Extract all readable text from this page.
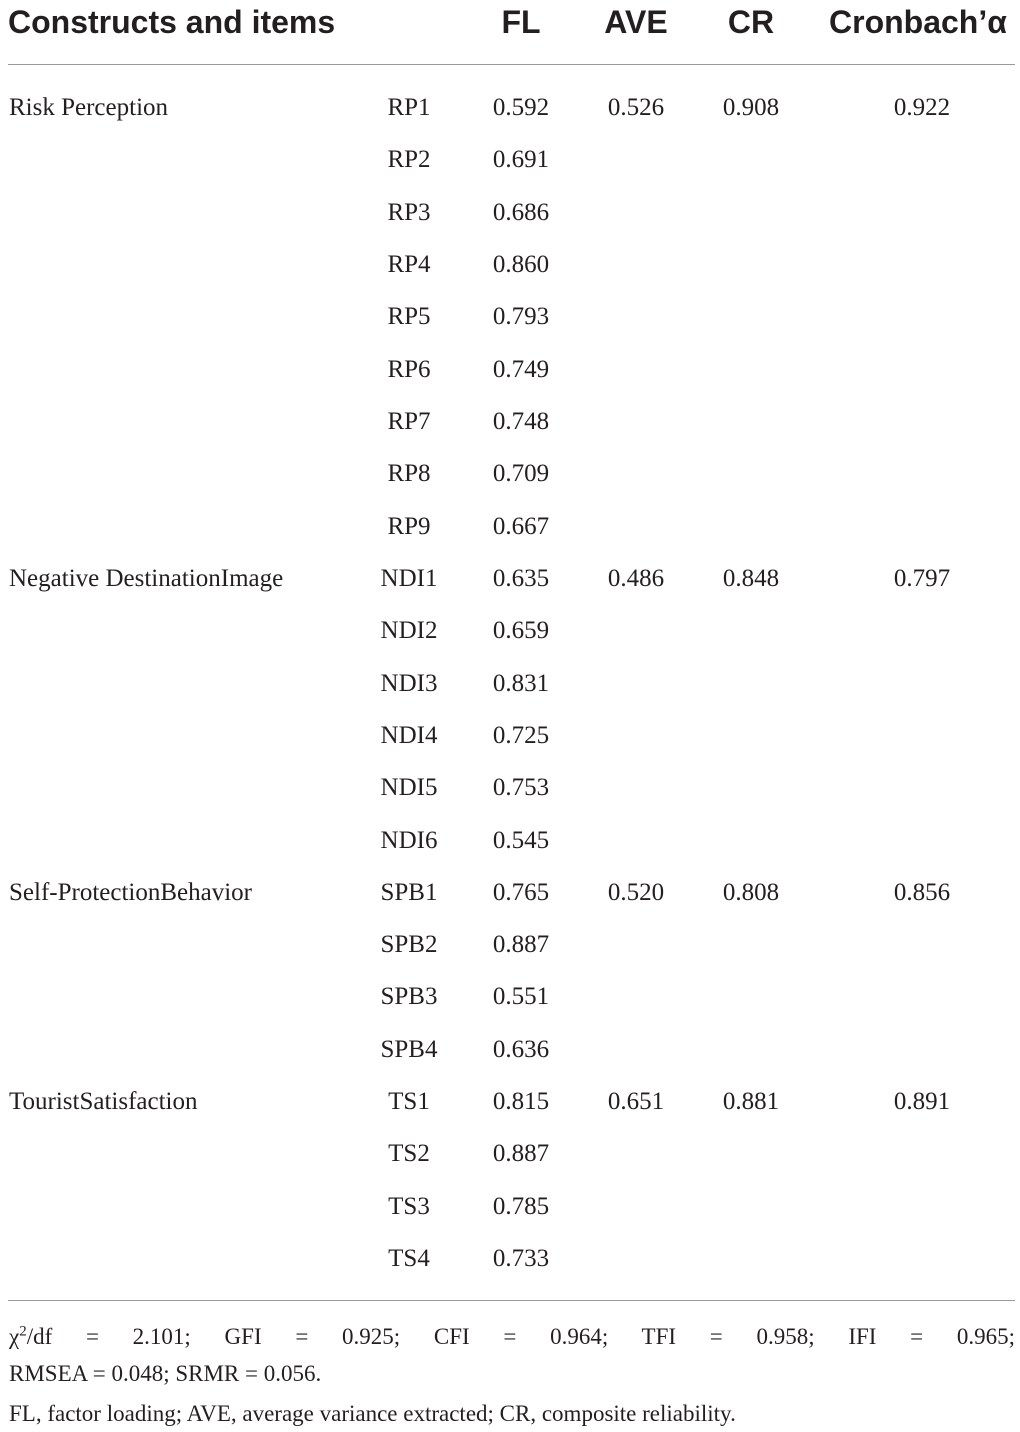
Constructs and items	FL	AVE	CR	Cronbach’α
Risk Perception	RP1	0.592	0.526	0.908	0.922
RP2	0.691
RP3	0.686
RP4	0.860
RP5	0.793
RP6	0.749
RP7	0.748
RP8	0.709
RP9	0.667
Negative DestinationImage	NDI1	0.635	0.486	0.848	0.797
NDI2	0.659
NDI3	0.831
NDI4	0.725
NDI5	0.753
NDI6	0.545
Self-ProtectionBehavior	SPB1	0.765	0.520	0.808	0.856
SPB2	0.887
SPB3	0.551
SPB4	0.636
TouristSatisfaction	TS1	0.815	0.651	0.881	0.891
TS2	0.887
TS3	0.785
TS4	0.733
$\chi^2/df = 2.101$; GFI = 0.925; CFI = 0.964; TFI = 0.958; IFI = 0.965;
RMSEA = 0.048; SRMR = 0.056.
FL, factor loading; AVE, average variance extracted; CR, composite reliability.
